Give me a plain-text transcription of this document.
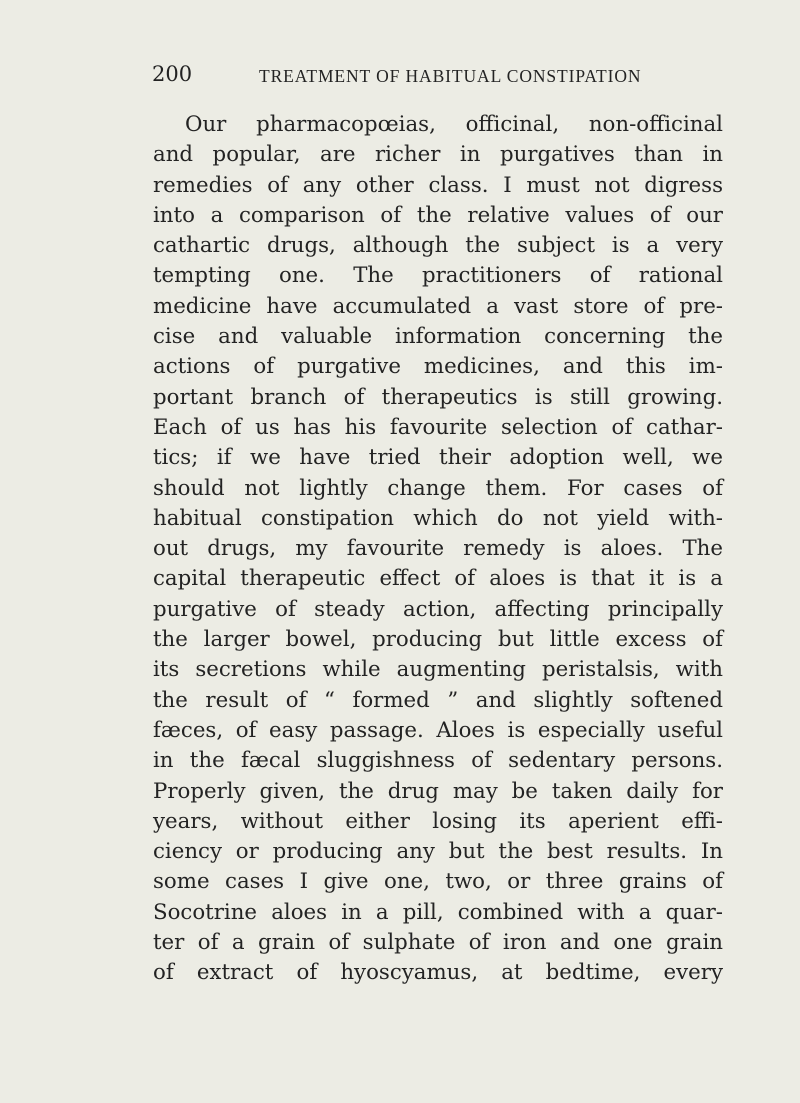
200	TREATMENT OF HABITUAL CONSTIPATION
Our pharmacopœias, officinal, non-officinal
and popular, are richer in purgatives than in
remedies of any other class. I must not digress
into a comparison of the relative values of our
cathartic drugs, although the subject is a very
tempting one. The practitioners of rational
medicine have accumulated a vast store of pre-
cise and valuable information concerning the
actions of purgative medicines, and this im-
portant branch of therapeutics is still growing.
Each of us has his favourite selection of cathar-
tics; if we have tried their adoption well, we
should not lightly change them. For cases of
habitual constipation which do not yield with-
out drugs, my favourite remedy is aloes. The
capital therapeutic effect of aloes is that it is a
purgative of steady action, affecting principally
the larger bowel, producing but little excess of
its secretions while augmenting peristalsis, with
the result of “ formed ” and slightly softened
fæces, of easy passage. Aloes is especially useful
in the fæcal sluggishness of sedentary persons.
Properly given, the drug may be taken daily for
years, without either losing its aperient effi-
ciency or producing any but the best results. In
some cases I give one, two, or three grains of
Socotrine aloes in a pill, combined with a quar-
ter of a grain of sulphate of iron and one grain
of extract of hyoscyamus, at bedtime, every
